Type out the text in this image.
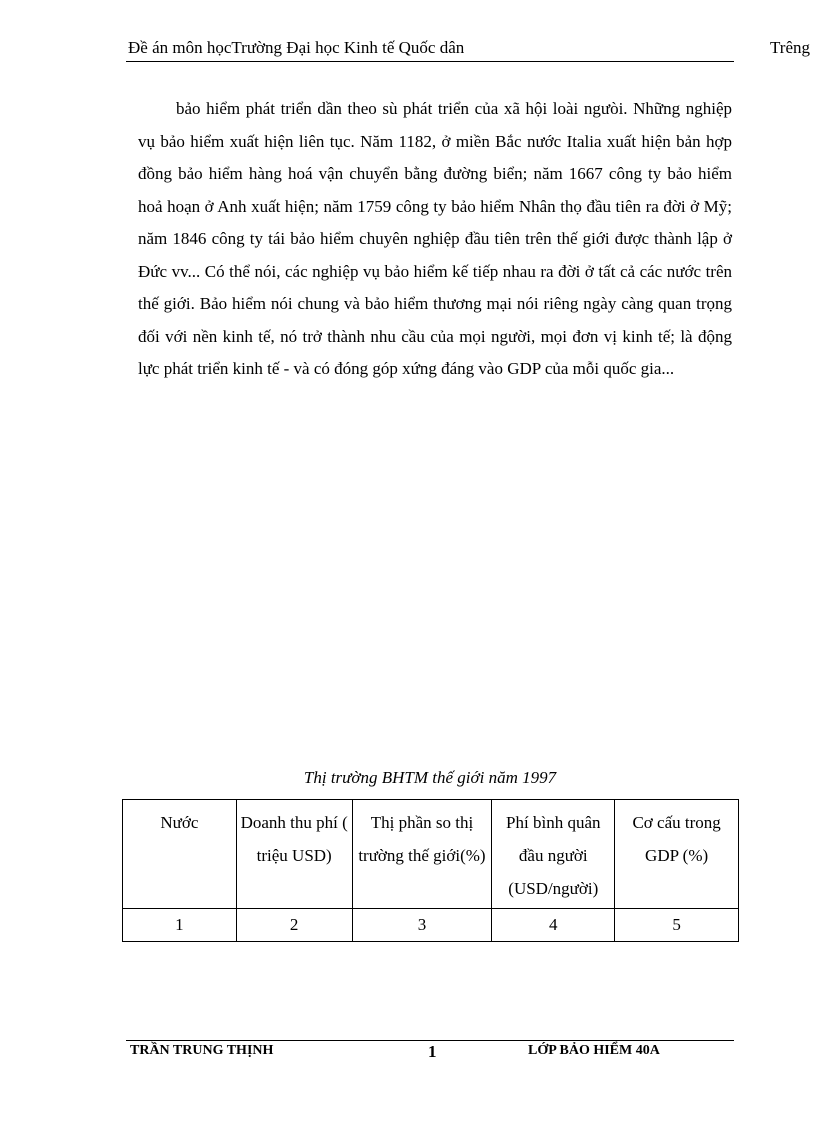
Đề án môn họcTrường Đại học Kinh tế Quốc dân	Trêng

bảo hiểm phát triển dần theo sù phát triển của xã hội loài ngưòi. Những nghiệp vụ bảo hiểm xuất hiện liên tục. Năm 1182, ở miền Bắc nước Italia xuất hiện bản hợp đồng bảo hiểm hàng hoá vận chuyển bằng đường biển; năm 1667 công ty bảo hiểm hoả hoạn ở Anh xuất hiện; năm 1759 công ty bảo hiểm Nhân thọ đầu tiên ra đời ở Mỹ; năm 1846 công ty tái bảo hiểm chuyên nghiệp đầu tiên trên thế giới được thành lập ở Đức vv... Có thể nói, các nghiệp vụ bảo hiểm kế tiếp nhau ra đời ở tất cả các nước trên thế giới. Bảo hiểm nói chung và bảo hiểm thương mại nói riêng ngày càng quan trọng đối với nền kinh tế, nó trở thành nhu cầu của mọi người, mọi đơn vị kinh tế; là động lực phát triển kinh tế - và có đóng góp xứng đáng vào GDP của mỗi quốc gia...

Thị trường BHTM thế giới năm 1997
Nước	Doanh thu phí ( triệu USD)	Thị phần so thị trường thế giới(%)	Phí bình quân đầu người (USD/người)	Cơ cấu trong GDP (%)
1	2	3	4	5
TRẦN TRUNG THỊNH	1	LỚP BẢO HIỂM 40A
